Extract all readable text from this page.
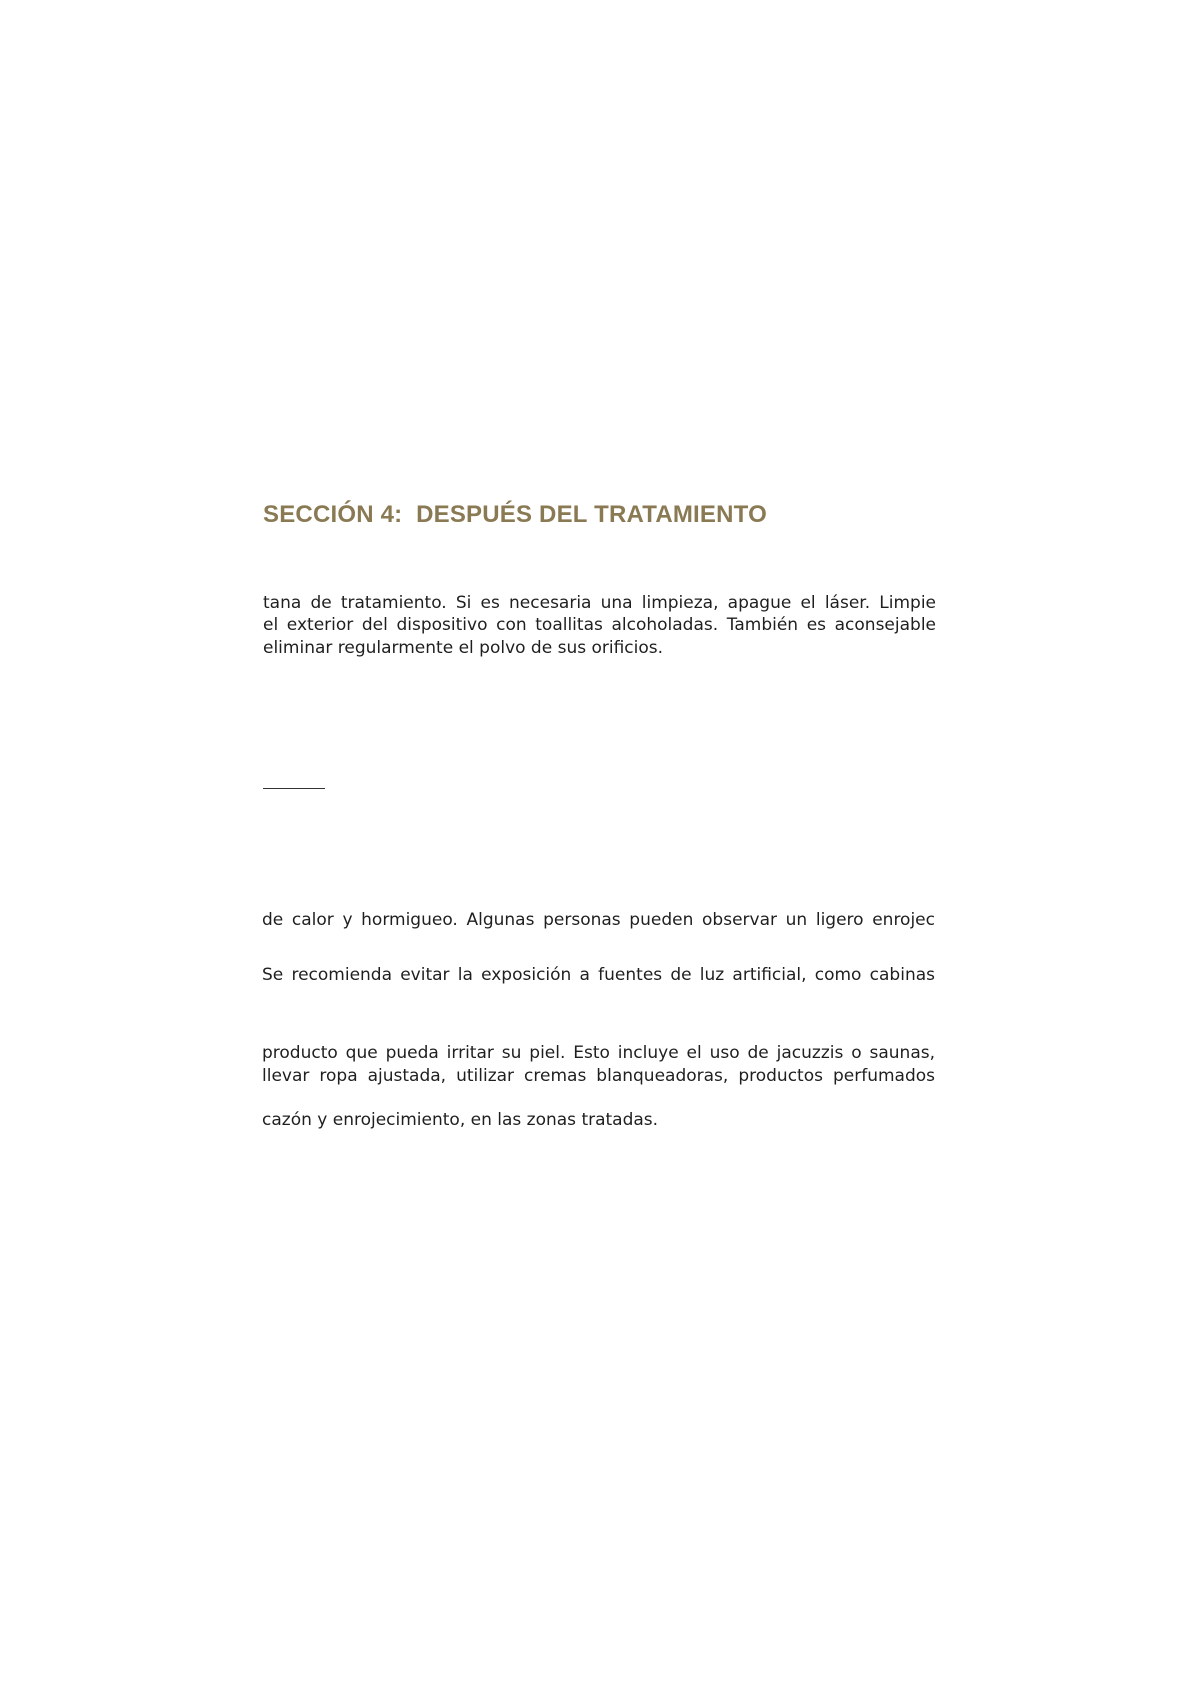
SECCIÓN 4:  DESPUÉS DEL TRATAMIENTO

tana de tratamiento. Si es necesaria una limpieza, apague el láser. Limpie

el exterior del dispositivo con toallitas alcoholadas. También es aconsejable

eliminar regularmente el polvo de sus orificios.

de calor y hormigueo. Algunas personas pueden observar un ligero enrojec

Se recomienda evitar la exposición a fuentes de luz artificial, como cabinas

producto que pueda irritar su piel. Esto incluye el uso de jacuzzis o saunas,

llevar ropa ajustada, utilizar cremas blanqueadoras, productos perfumados

cazón y enrojecimiento, en las zonas tratadas.
